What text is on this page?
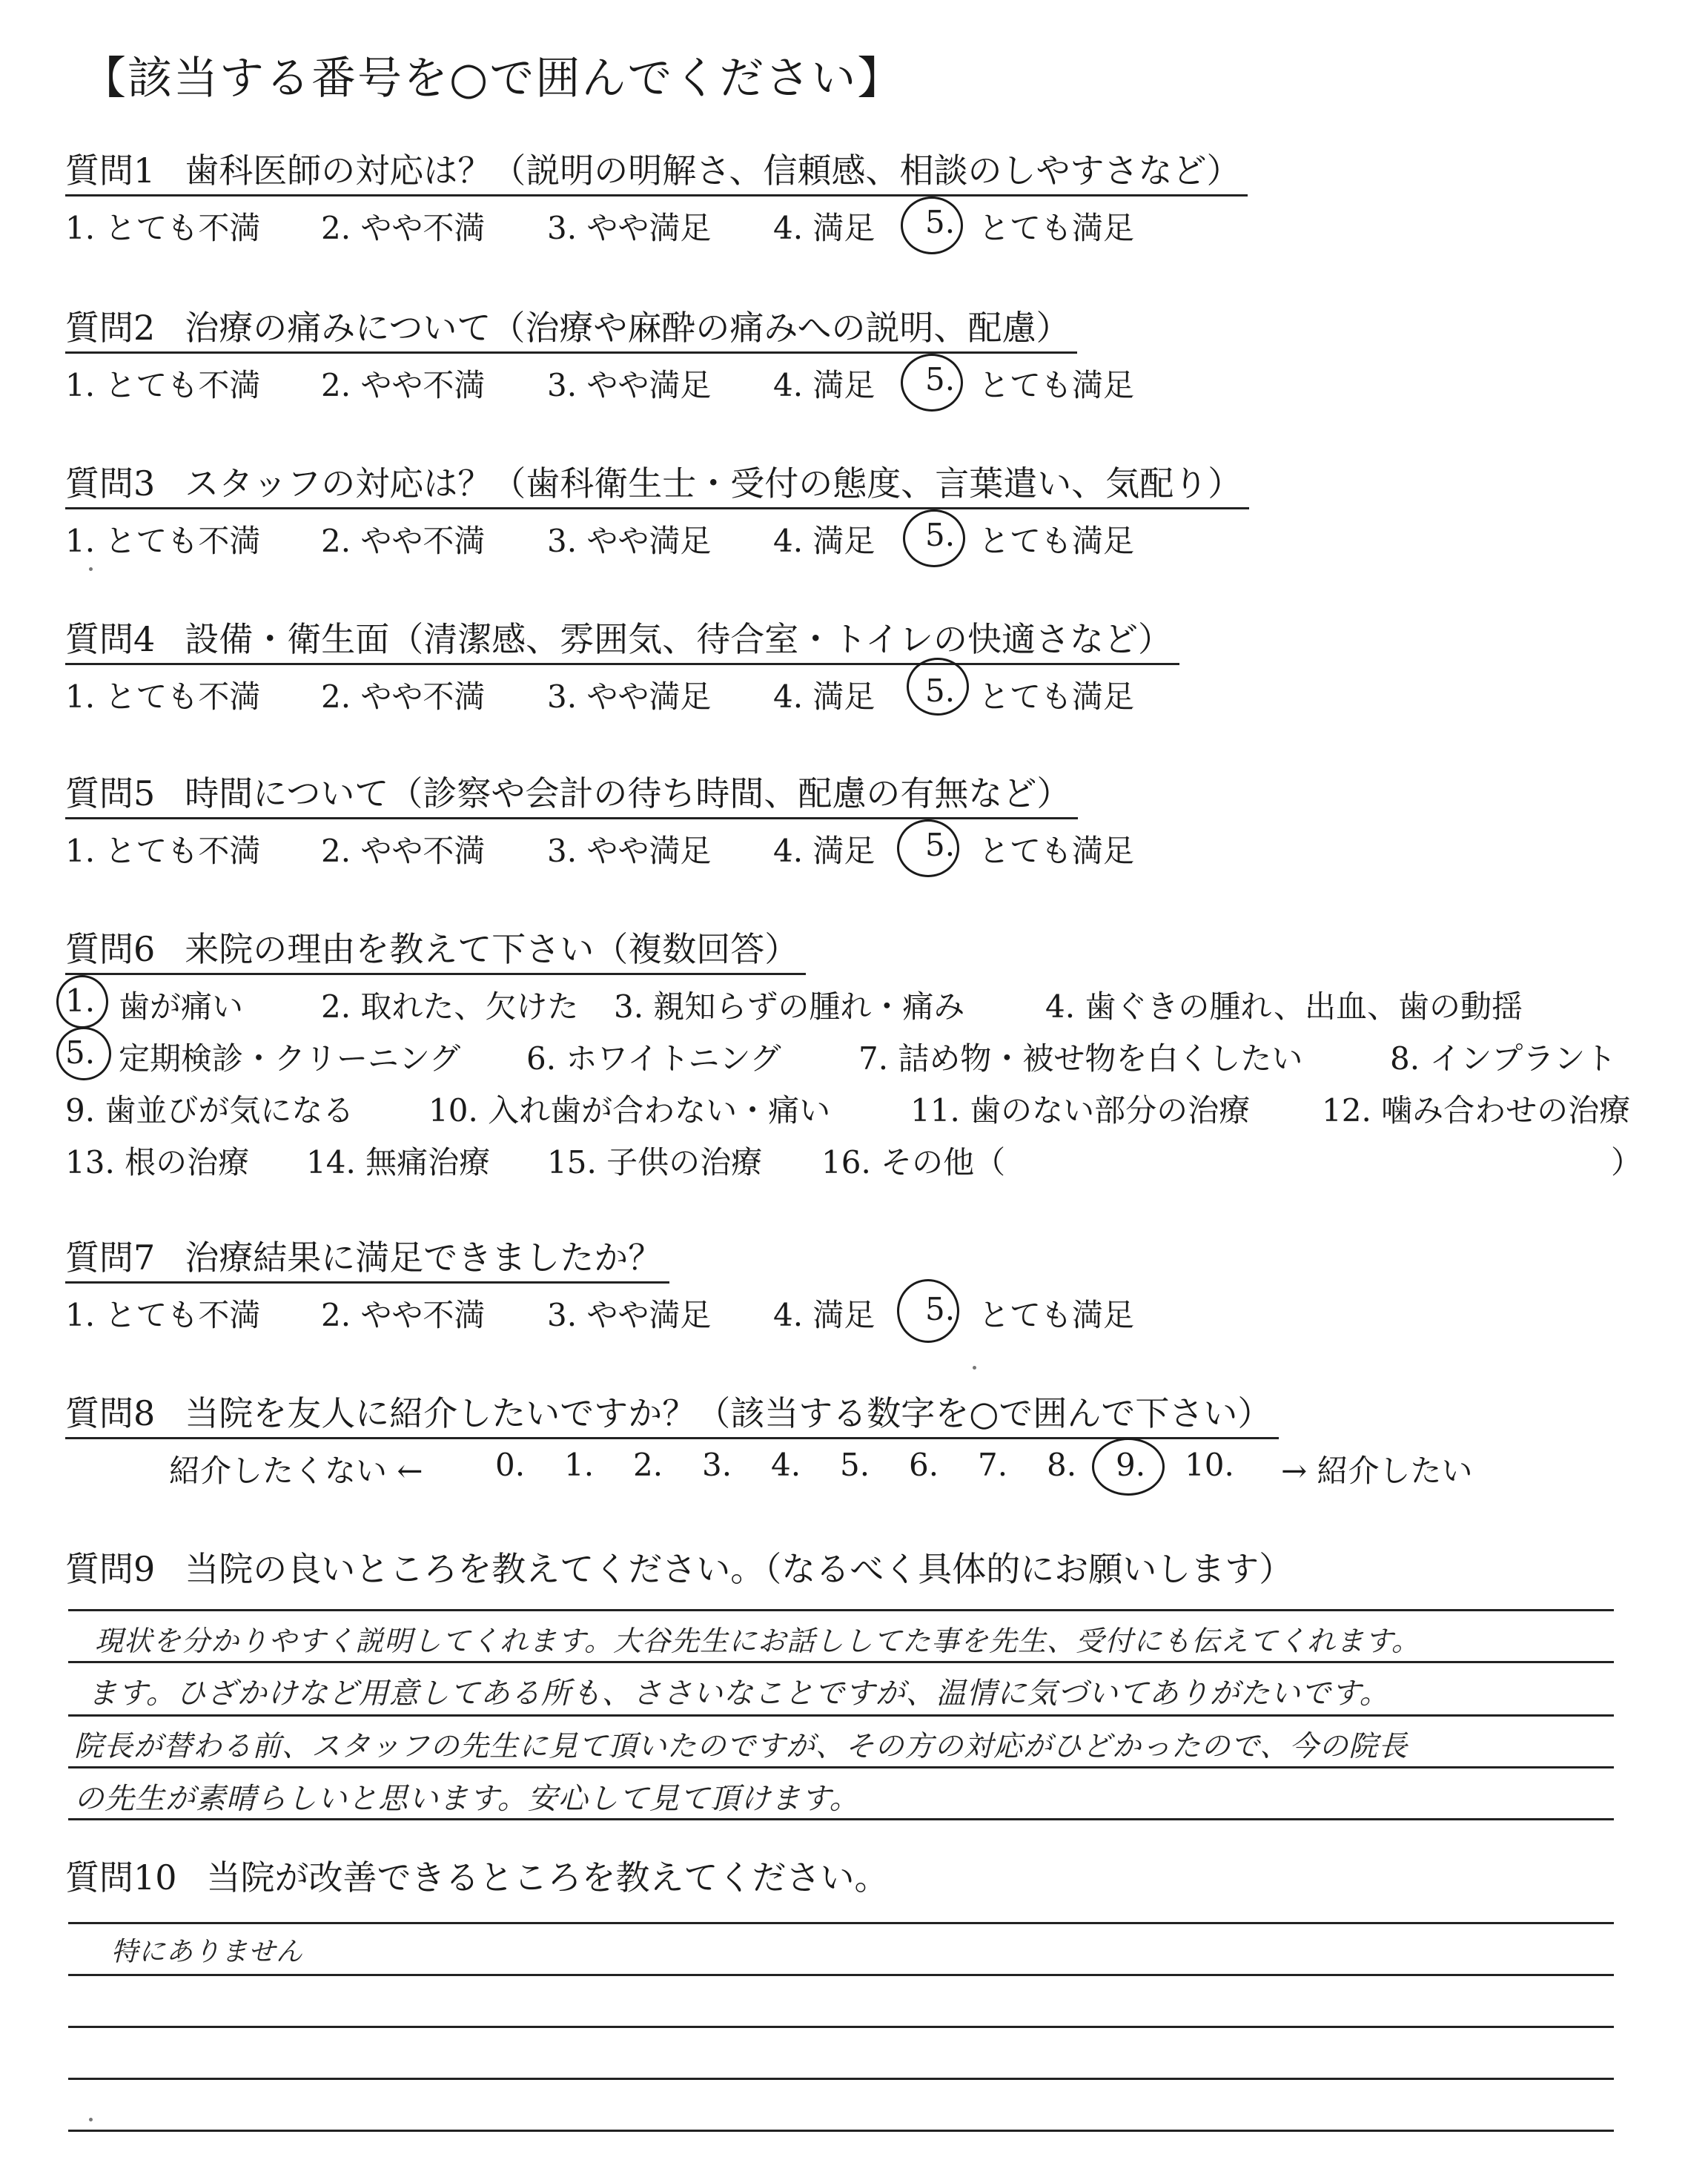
【該当する番号を○で囲んでください】
質問1 歯科医師の対応は？（説明の明解さ、信頼感、相談のしやすさなど）
1. とても不満 2. やや不満 3. やや満足 4. 満足 5. とても満足
質問2 治療の痛みについて（治療や麻酔の痛みへの説明、配慮）
1. とても不満 2. やや不満 3. やや満足 4. 満足 5. とても満足
質問3 スタッフの対応は？（歯科衛生士・受付の態度、言葉遣い、気配り）
1. とても不満 2. やや不満 3. やや満足 4. 満足 5. とても満足
質問4 設備・衛生面（清潔感、雰囲気、待合室・トイレの快適さなど）
1. とても不満 2. やや不満 3. やや満足 4. 満足 5. とても満足
質問5 時間について（診察や会計の待ち時間、配慮の有無など）
1. とても不満 2. やや不満 3. やや満足 4. 満足 5. とても満足
質問6 来院の理由を教えて下さい（複数回答）
1. 歯が痛い 2. 取れた、欠けた 3. 親知らずの腫れ・痛み	4. 歯ぐきの腫れ、出血、歯の動揺
5. 定期検診・クリーニング 6. ホワイトニング 7. 詰め物・被せ物を白くしたい	8. インプラント
9. 歯並びが気になる 10. 入れ歯が合わない・痛い	11. 歯のない部分の治療 12. 噛み合わせの治療
13. 根の治療 14. 無痛治療 15. 子供の治療 16. その他（	）
質問7 治療結果に満足できましたか？
1. とても不満 2. やや不満 3. やや満足 4. 満足 5. とても満足
質問8 当院を友人に紹介したいですか？（該当する数字を○で囲んで下さい）
紹介したくない ← 0. 1. 2. 3. 4. 5. 6. 7. 8. 9. 10. → 紹介したい
質問9 当院の良いところを教えてください。（なるべく具体的にお願いします）
現状を分かりやすく説明してくれます。大谷先生にお話ししてた事を先生、受付にも伝えてくれます。
ます。ひざかけなど用意してある所も、ささいなことですが、温情に気づいてありがたいです。
院長が替わる前、スタッフの先生に見て頂いたのですが、その方の対応がひどかったので、今の院長
の先生が素晴らしいと思います。安心して見て頂けます。
質問10 当院が改善できるところを教えてください。
特にありません
